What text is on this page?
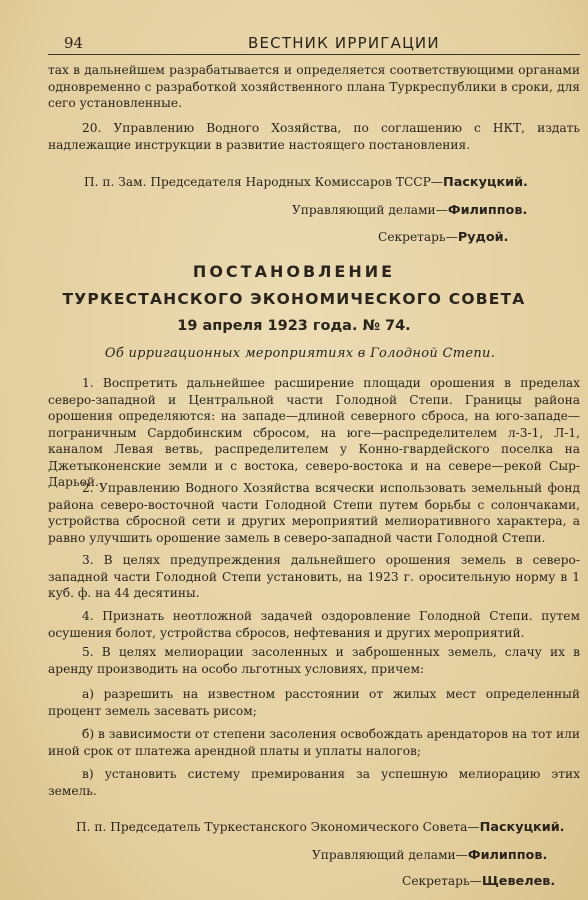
94	ВЕСТНИК ИРРИГАЦИИ

тах в дальнейшем разрабатывается и определяется соответствующими органами одновременно с разработкой хозяйственного плана Туркреспублики в сроки, для сего установленные.

20. Управлению Водного Хозяйства, по соглашению с НКТ, издать надлежащие инструкции в развитие настоящего постановления.

П. п. Зам. Председателя Народных Комиссаров ТССР—Паскуцкий.
Управляющий делами—Филиппов.
Секретарь—Рудой.
ПОСТАНОВЛЕНИЕ
ТУРКЕСТАНСКОГО ЭКОНОМИЧЕСКОГО СОВЕТА
19 апреля 1923 года. № 74.
Об ирригационных мероприятиях в Голодной Степи.

1. Воспретить дальнейшее расширение площади орошения в пределах северо-западной и Центральной части Голодной Степи. Границы района орошения определяются: на западе—длиной северного сброса, на юго-западе—пограничным Сардобинским сбросом, на юге—распределителем л-3-1, Л-1, каналом Левая ветвь, распределителем у Конно-гвардейского поселка на Джетыконенские земли и с востока, северо-востока и на севере—рекой Сыр-Дарьей.

2. Управлению Водного Хозяйства всячески использовать земельный фонд района северо-восточной части Голодной Степи путем борьбы с солончаками, устройства сбросной сети и других мероприятий мелиоративного характера, а равно улучшить орошение замель в северо-западной части Голодной Степи.

3. В целях предупреждения дальнейшего орошения земель в северо-западной части Голодной Степи установить, на 1923 г. оросительную норму в 1 куб. ф. на 44 десятины.

4. Признать неотложной задачей оздоровление Голодной Степи. путем осушения болот, устройства сбросов, нефтевания и других мероприятий.

5. В целях мелиорации засоленных и заброшенных земель, слачу их в аренду производить на особо льготных условиях, причем:

а) разрешить на известном расстоянии от жилых мест определенный процент земель засевать рисом;

б) в зависимости от степени засоления освобождать арендаторов на тот или иной срок от платежа арендной платы и уплаты налогов;

в) установить систему премирования за успешную мелиорацию этих земель.

П. п. Председатель Туркестанского Экономического Совета—Паскуцкий.
Управляющий делами—Филиппов.
Секретарь—Щевелев.
